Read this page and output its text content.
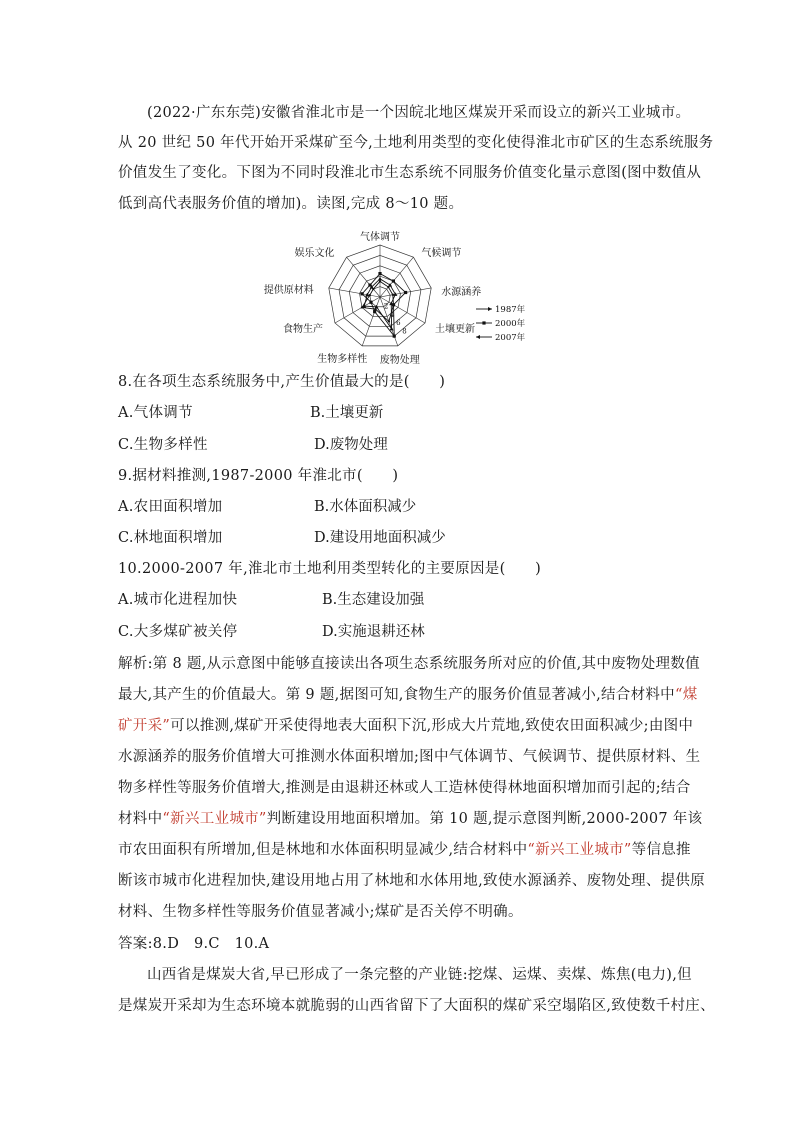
(2022·广东东莞)安徽省淮北市是一个因皖北地区煤炭开采而设立的新兴工业城市。
从 20 世纪 50 年代开始开采煤矿至今,土地利用类型的变化使得淮北市矿区的生态系统服务
价值发生了变化。下图为不同时段淮北市生态系统不同服务价值变化量示意图(图中数值从
低到高代表服务价值的增加)。读图,完成 8～10 题。
2
4
6
8
气体调节
气候调节
水源涵养
土壤更新
废物处理
生物多样性
食物生产
提供原材料
娱乐文化
1987年
2000年
2007年
8.在各项生态系统服务中,产生价值最大的是(　　)
A.气体调节	B.土壤更新
C.生物多样性	D.废物处理
9.据材料推测,1987-2000 年淮北市(　　)
A.农田面积增加	B.水体面积减少
C.林地面积增加	D.建设用地面积减少
10.2000-2007 年,淮北市土地利用类型转化的主要原因是(　　)
A.城市化进程加快	B.生态建设加强
C.大多煤矿被关停	D.实施退耕还林
解析:第 8 题,从示意图中能够直接读出各项生态系统服务所对应的价值,其中废物处理数值
最大,其产生的价值最大。第 9 题,据图可知,食物生产的服务价值显著减小,结合材料中“煤
矿开采”可以推测,煤矿开采使得地表大面积下沉,形成大片荒地,致使农田面积减少;由图中
水源涵养的服务价值增大可推测水体面积增加;图中气体调节、气候调节、提供原材料、生
物多样性等服务价值增大,推测是由退耕还林或人工造林使得林地面积增加而引起的;结合
材料中“新兴工业城市”判断建设用地面积增加。第 10 题,提示意图判断,2000-2007 年该
市农田面积有所增加,但是林地和水体面积明显减少,结合材料中“新兴工业城市”等信息推
断该市城市化进程加快,建设用地占用了林地和水体用地,致使水源涵养、废物处理、提供原
材料、生物多样性等服务价值显著减小;煤矿是否关停不明确。
答案:8.D　9.C　10.A
山西省是煤炭大省,早已形成了一条完整的产业链:挖煤、运煤、卖煤、炼焦(电力),但
是煤炭开采却为生态环境本就脆弱的山西省留下了大面积的煤矿采空塌陷区,致使数千村庄、
